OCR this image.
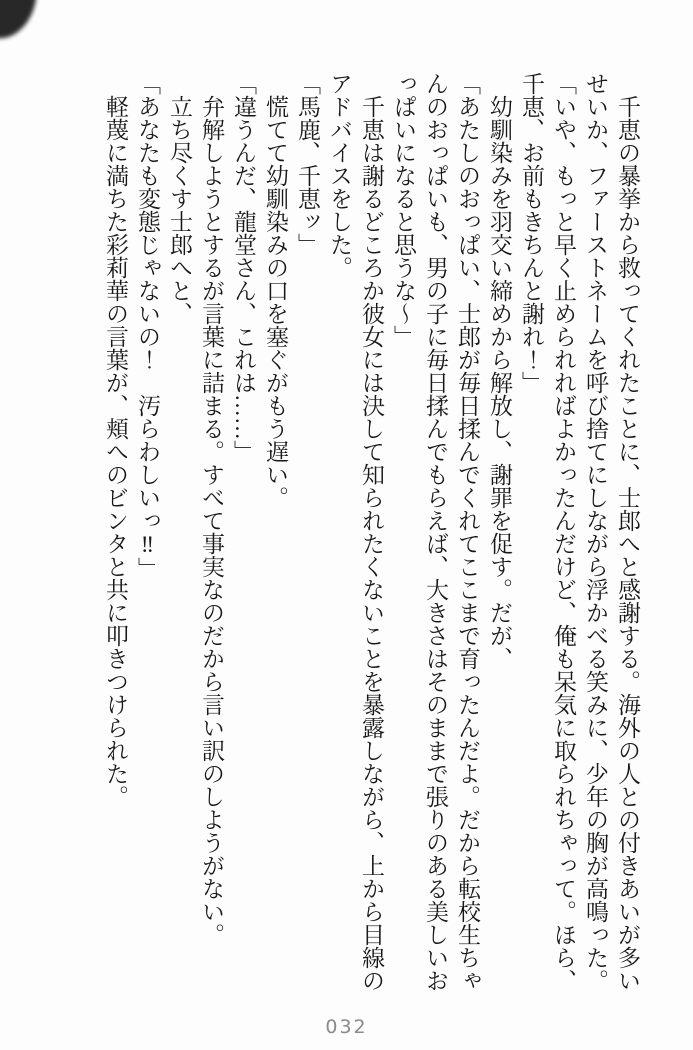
千恵の暴挙から救ってくれたことに、士郎へと感謝する。海外の人との付きあいが多い

せいか、ファーストネームを呼び捨てにしながら浮かべる笑みに、少年の胸が高鳴った。

「いや、もっと早く止められればよかったんだけど、俺も呆気に取られちゃって。ほら、

千恵、お前もきちんと謝れ！」

幼馴染みを羽交い締めから解放し、謝罪を促す。だが、

「あたしのおっぱい、士郎が毎日揉んでくれてここまで育ったんだよ。だから転校生ちゃ

んのおっぱいも、男の子に毎日揉んでもらえば、大きさはそのままで張りのある美しいお

っぱいになると思うな〜」

千恵は謝るどころか彼女には決して知られたくないことを暴露しながら、上から目線の

アドバイスをした。

「馬鹿、千恵ッ」

慌てて幼馴染みの口を塞ぐがもう遅い。

「違うんだ、龍堂さん、これは……」

弁解しようとするが言葉に詰まる。すべて事実なのだから言い訳のしようがない。

立ち尽くす士郎へと、

「あなたも変態じゃないの！　汚らわしいっ‼」

軽蔑に満ちた彩莉華の言葉が、頬へのビンタと共に叩きつけられた。

032
